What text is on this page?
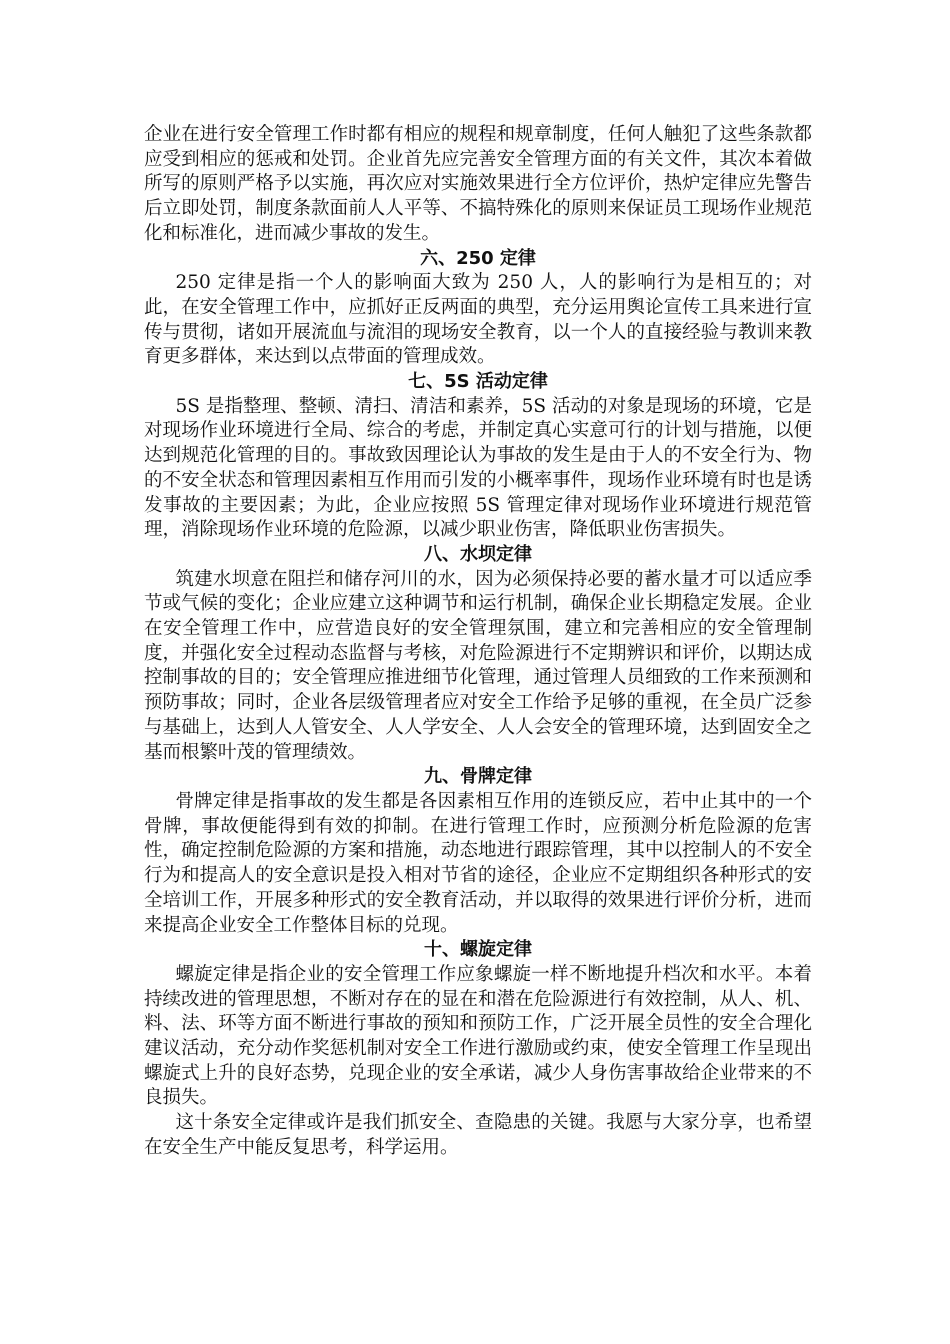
企业在进行安全管理工作时都有相应的规程和规章制度，任何人触犯了这些条款都应受到相应的惩戒和处罚。企业首先应完善安全管理方面的有关文件，其次本着做所写的原则严格予以实施，再次应对实施效果进行全方位评价，热炉定律应先警告后立即处罚，制度条款面前人人平等、不搞特殊化的原则来保证员工现场作业规范化和标准化，进而减少事故的发生。

六、250 定律

250 定律是指一个人的影响面大致为 250 人，人的影响行为是相互的；对此，在安全管理工作中，应抓好正反两面的典型，充分运用舆论宣传工具来进行宣传与贯彻，诸如开展流血与流泪的现场安全教育，以一个人的直接经验与教训来教育更多群体，来达到以点带面的管理成效。

七、5S 活动定律

5S 是指整理、整顿、清扫、清洁和素养，5S 活动的对象是现场的环境，它是对现场作业环境进行全局、综合的考虑，并制定真心实意可行的计划与措施，以便达到规范化管理的目的。事故致因理论认为事故的发生是由于人的不安全行为、物的不安全状态和管理因素相互作用而引发的小概率事件，现场作业环境有时也是诱发事故的主要因素；为此，企业应按照 5S 管理定律对现场作业环境进行规范管理，消除现场作业环境的危险源，以减少职业伤害，降低职业伤害损失。

八、水坝定律

筑建水坝意在阻拦和储存河川的水，因为必须保持必要的蓄水量才可以适应季节或气候的变化；企业应建立这种调节和运行机制，确保企业长期稳定发展。企业在安全管理工作中，应营造良好的安全管理氛围，建立和完善相应的安全管理制度，并强化安全过程动态监督与考核，对危险源进行不定期辨识和评价，以期达成控制事故的目的；安全管理应推进细节化管理，通过管理人员细致的工作来预测和预防事故；同时，企业各层级管理者应对安全工作给予足够的重视，在全员广泛参与基础上，达到人人管安全、人人学安全、人人会安全的管理环境，达到固安全之基而根繁叶茂的管理绩效。

九、骨牌定律

骨牌定律是指事故的发生都是各因素相互作用的连锁反应，若中止其中的一个骨牌，事故便能得到有效的抑制。在进行管理工作时，应预测分析危险源的危害性，确定控制危险源的方案和措施，动态地进行跟踪管理，其中以控制人的不安全行为和提高人的安全意识是投入相对节省的途径，企业应不定期组织各种形式的安全培训工作，开展多种形式的安全教育活动，并以取得的效果进行评价分析，进而来提高企业安全工作整体目标的兑现。

十、螺旋定律

螺旋定律是指企业的安全管理工作应象螺旋一样不断地提升档次和水平。本着持续改进的管理思想，不断对存在的显在和潜在危险源进行有效控制，从人、机、料、法、环等方面不断进行事故的预知和预防工作，广泛开展全员性的安全合理化建议活动，充分动作奖惩机制对安全工作进行激励或约束，使安全管理工作呈现出螺旋式上升的良好态势，兑现企业的安全承诺，减少人身伤害事故给企业带来的不良损失。

这十条安全定律或许是我们抓安全、查隐患的关键。我愿与大家分享，也希望在安全生产中能反复思考，科学运用。
